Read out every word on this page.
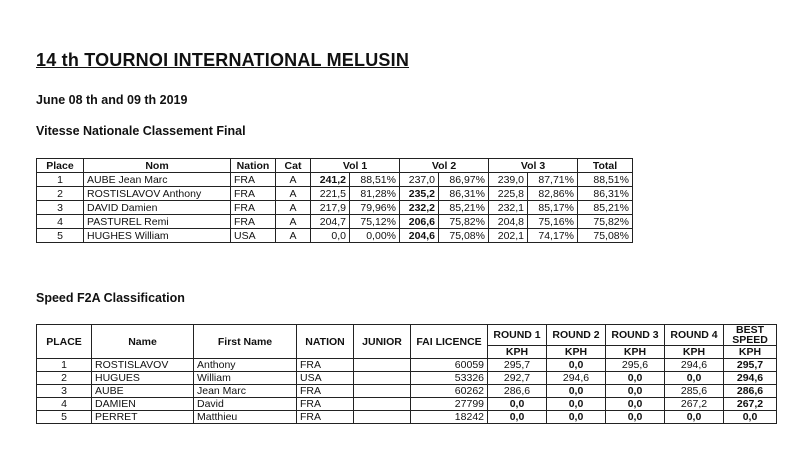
14 th TOURNOI INTERNATIONAL MELUSIN
June 08 th and 09 th 2019
Vitesse Nationale Classement Final
Place	Nom	Nation	Cat	Vol 1		Vol 2		Vol 3		Total
1	AUBE Jean Marc	FRA	A	241,2	88,51%	237,0	86,97%	239,0	87,71%	88,51%
2	ROSTISLAVOV Anthony	FRA	A	221,5	81,28%	235,2	86,31%	225,8	82,86%	86,31%
3	DAVID Damien	FRA	A	217,9	79,96%	232,2	85,21%	232,1	85,17%	85,21%
4	PASTUREL Remi	FRA	A	204,7	75,12%	206,6	75,82%	204,8	75,16%	75,82%
5	HUGHES William	USA	A	0,0	0,00%	204,6	75,08%	202,1	74,17%	75,08%
Speed F2A Classification
PLACE	Name	First Name	NATION	JUNIOR	FAI LICENCE	ROUND 1	ROUND 2	ROUND 3	ROUND 4	BEST
SPEED
						KPH	KPH	KPH	KPH	KPH
1	ROSTISLAVOV	Anthony	FRA		60059	295,7	0,0	295,6	294,6	295,7
2	HUGUES	William	USA		53326	292,7	294,6	0,0	0,0	294,6
3	AUBE	Jean Marc	FRA		60262	286,6	0,0	0,0	285,6	286,6
4	DAMIEN	David	FRA		27799	0,0	0,0	0,0	267,2	267,2
5	PERRET	Matthieu	FRA		18242	0,0	0,0	0,0	0,0	0,0
